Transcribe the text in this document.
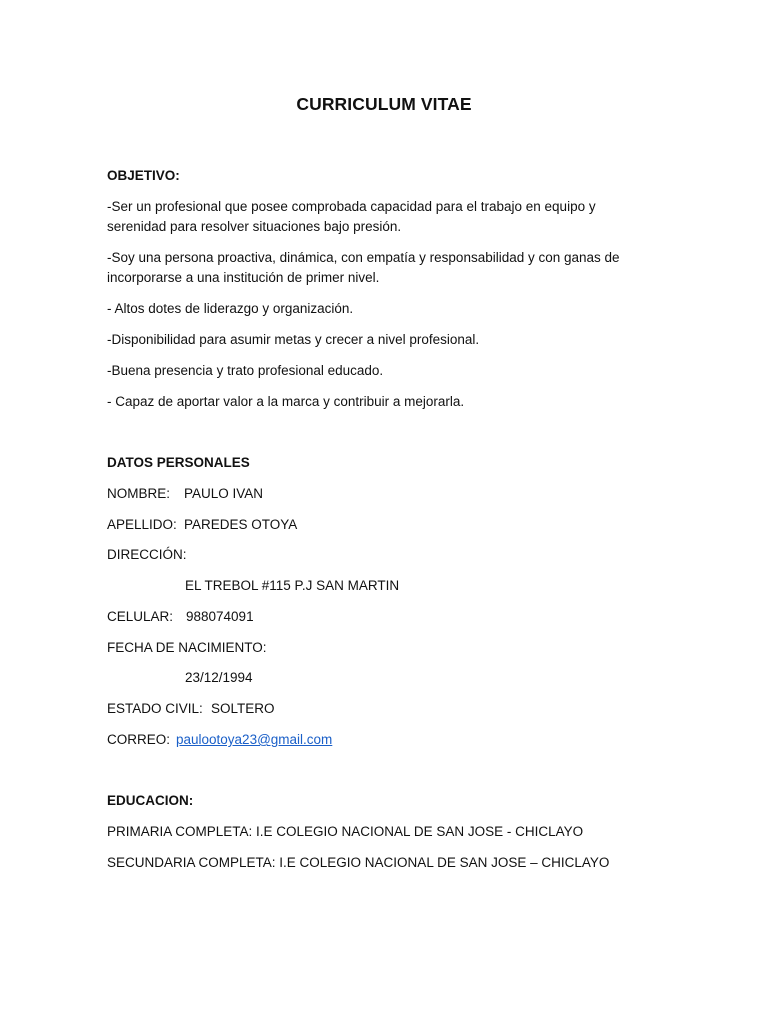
CURRICULUM VITAE
OBJETIVO:
-Ser un profesional que posee comprobada capacidad para el trabajo en equipo y
serenidad para resolver situaciones bajo presión.
-Soy una persona proactiva, dinámica, con empatía y responsabilidad y con ganas de
incorporarse a una institución de primer nivel.
- Altos dotes de liderazgo y organización.
-Disponibilidad para asumir metas y crecer a nivel profesional.
-Buena presencia y trato profesional educado.
- Capaz de aportar valor a la marca y contribuir a mejorarla.
DATOS PERSONALES
NOMBRE: PAULO IVAN
APELLIDO: PAREDES OTOYA
DIRECCIÓN:
EL TREBOL #115 P.J SAN MARTIN
CELULAR: 988074091
FECHA DE NACIMIENTO:
23/12/1994
ESTADO CIVIL: SOLTERO
CORREO: paulootoya23@gmail.com
EDUCACION:
PRIMARIA COMPLETA: I.E COLEGIO NACIONAL DE SAN JOSE - CHICLAYO
SECUNDARIA COMPLETA: I.E COLEGIO NACIONAL DE SAN JOSE – CHICLAYO
